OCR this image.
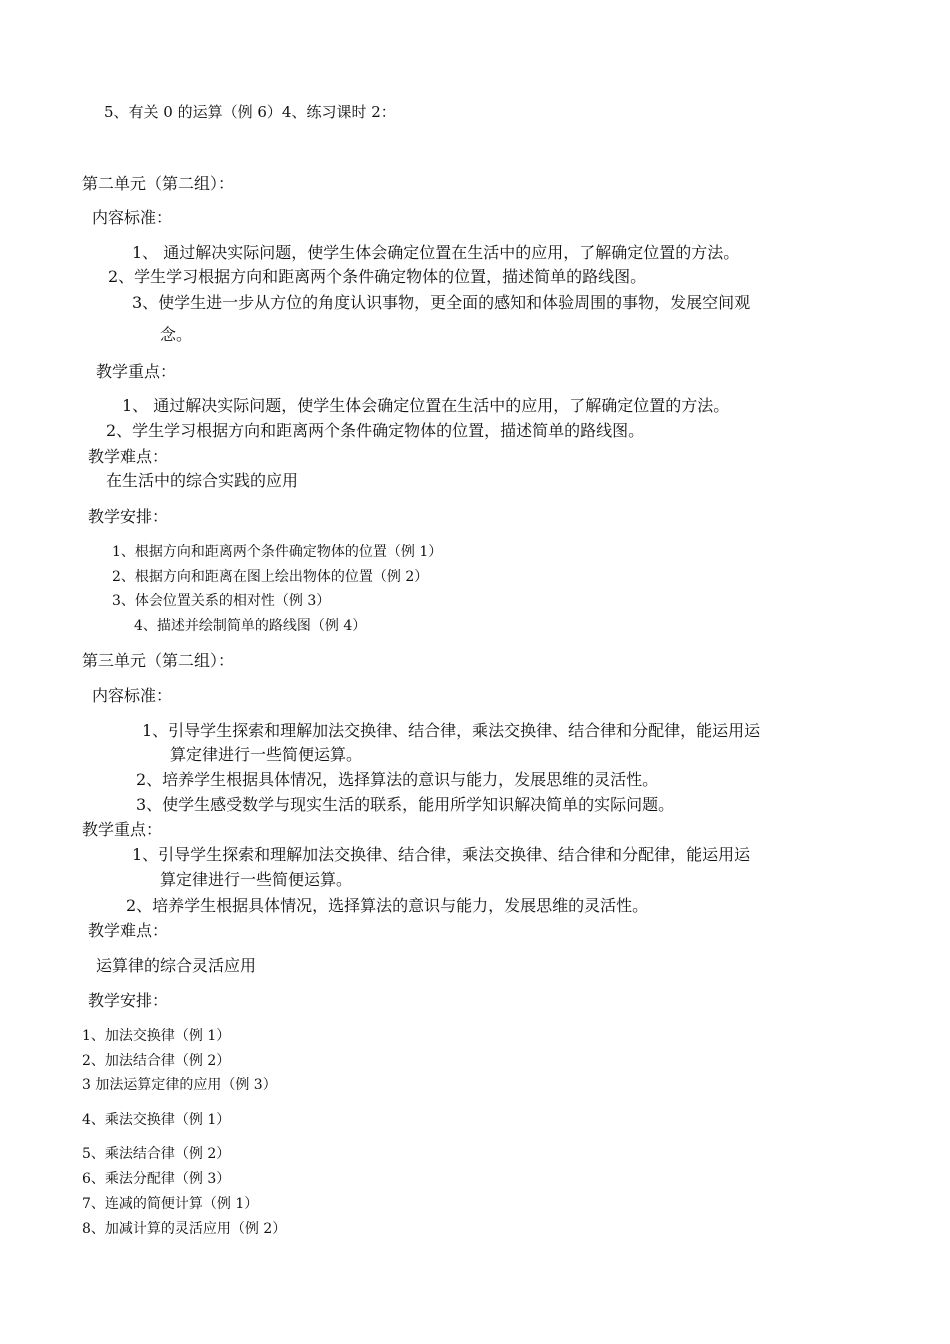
5、有关 0 的运算（例 6）4、练习课时 2：
第二单元（第二组）：
内容标准：
1、 通过解决实际问题，使学生体会确定位置在生活中的应用，了解确定位置的方法。
2、学生学习根据方向和距离两个条件确定物体的位置，描述简单的路线图。
3、使学生进一步从方位的角度认识事物，更全面的感知和体验周围的事物，发展空间观
念。
教学重点：
1、 通过解决实际问题，使学生体会确定位置在生活中的应用，了解确定位置的方法。
2、学生学习根据方向和距离两个条件确定物体的位置，描述简单的路线图。
教学难点：
在生活中的综合实践的应用
教学安排：
1、根据方向和距离两个条件确定物体的位置（例 1）
2、根据方向和距离在图上绘出物体的位置（例 2）
3、体会位置关系的相对性（例 3）
4、描述并绘制简单的路线图（例 4）
第三单元（第二组）：
内容标准：
1、引导学生探索和理解加法交换律、结合律，乘法交换律、结合律和分配律，能运用运
算定律进行一些简便运算。
2、培养学生根据具体情况，选择算法的意识与能力，发展思维的灵活性。
3、使学生感受数学与现实生活的联系，能用所学知识解决简单的实际问题。
教学重点：
1、引导学生探索和理解加法交换律、结合律，乘法交换律、结合律和分配律，能运用运
算定律进行一些简便运算。
2、培养学生根据具体情况，选择算法的意识与能力，发展思维的灵活性。
教学难点：
运算律的综合灵活应用
教学安排：
1、加法交换律（例 1）
2、加法结合律（例 2）
3 加法运算定律的应用（例 3）
4、乘法交换律（例 1）
5、乘法结合律（例 2）
6、乘法分配律（例 3）
7、连减的简便计算（例 1）
8、加减计算的灵活应用（例 2）
